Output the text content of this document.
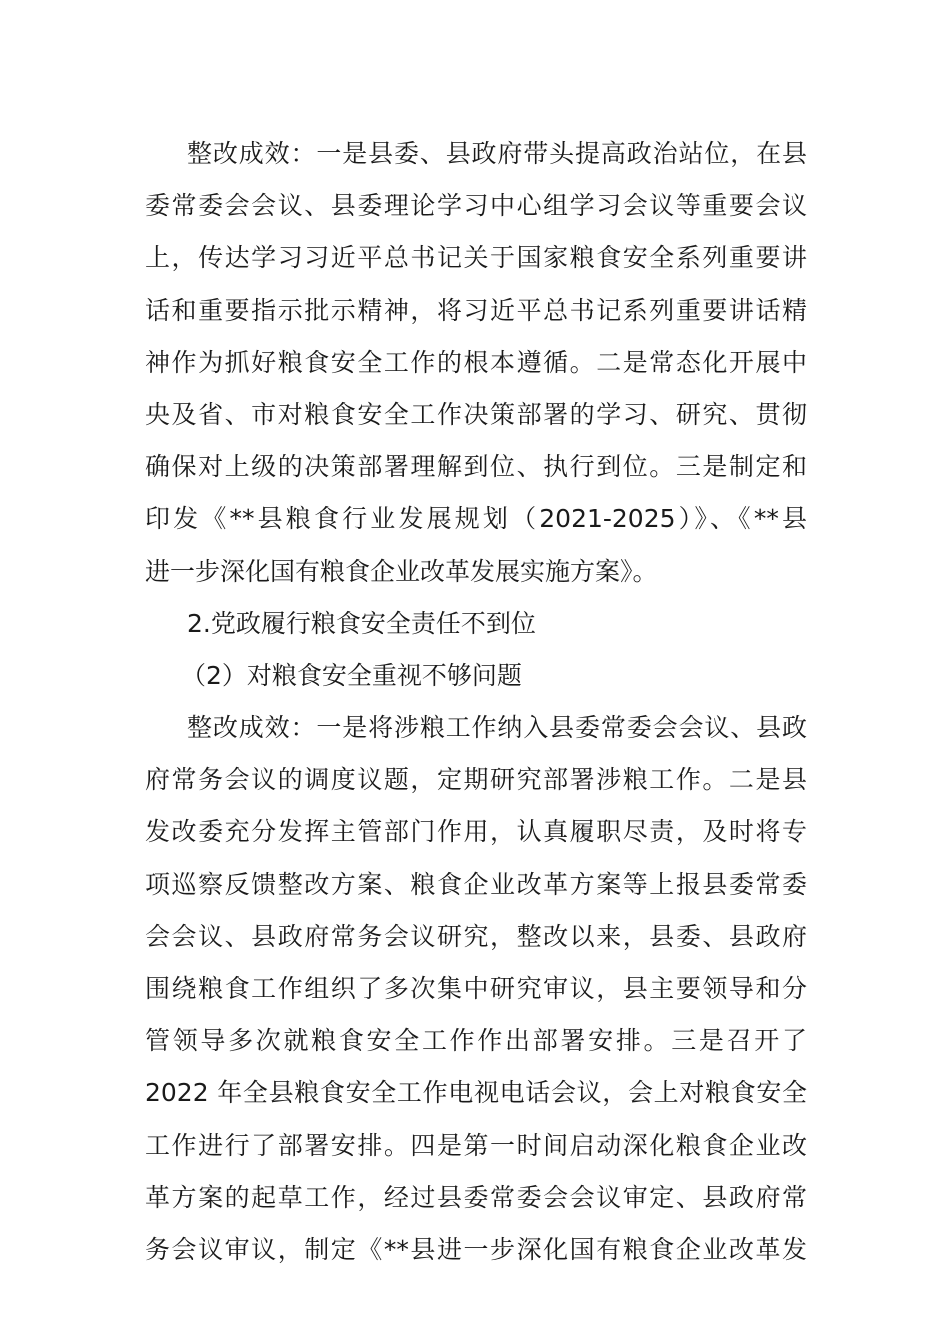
整改成效：一是县委、县政府带头提高政治站位，在县
委常委会会议、县委理论学习中心组学习会议等重要会议
上，传达学习习近平总书记关于国家粮食安全系列重要讲
话和重要指示批示精神，将习近平总书记系列重要讲话精
神作为抓好粮食安全工作的根本遵循。二是常态化开展中
央及省、市对粮食安全工作决策部署的学习、研究、贯彻
确保对上级的决策部署理解到位、执行到位。三是制定和
印发《**县粮食行业发展规划（2021-2025）》、《**县
进一步深化国有粮食企业改革发展实施方案》。
2.党政履行粮食安全责任不到位
（2）对粮食安全重视不够问题
整改成效：一是将涉粮工作纳入县委常委会会议、县政
府常务会议的调度议题，定期研究部署涉粮工作。二是县
发改委充分发挥主管部门作用，认真履职尽责，及时将专
项巡察反馈整改方案、粮食企业改革方案等上报县委常委
会会议、县政府常务会议研究，整改以来，县委、县政府
围绕粮食工作组织了多次集中研究审议，县主要领导和分
管领导多次就粮食安全工作作出部署安排。三是召开了
2022 年全县粮食安全工作电视电话会议，会上对粮食安全
工作进行了部署安排。四是第一时间启动深化粮食企业改
革方案的起草工作，经过县委常委会会议审定、县政府常
务会议审议，制定《**县进一步深化国有粮食企业改革发
